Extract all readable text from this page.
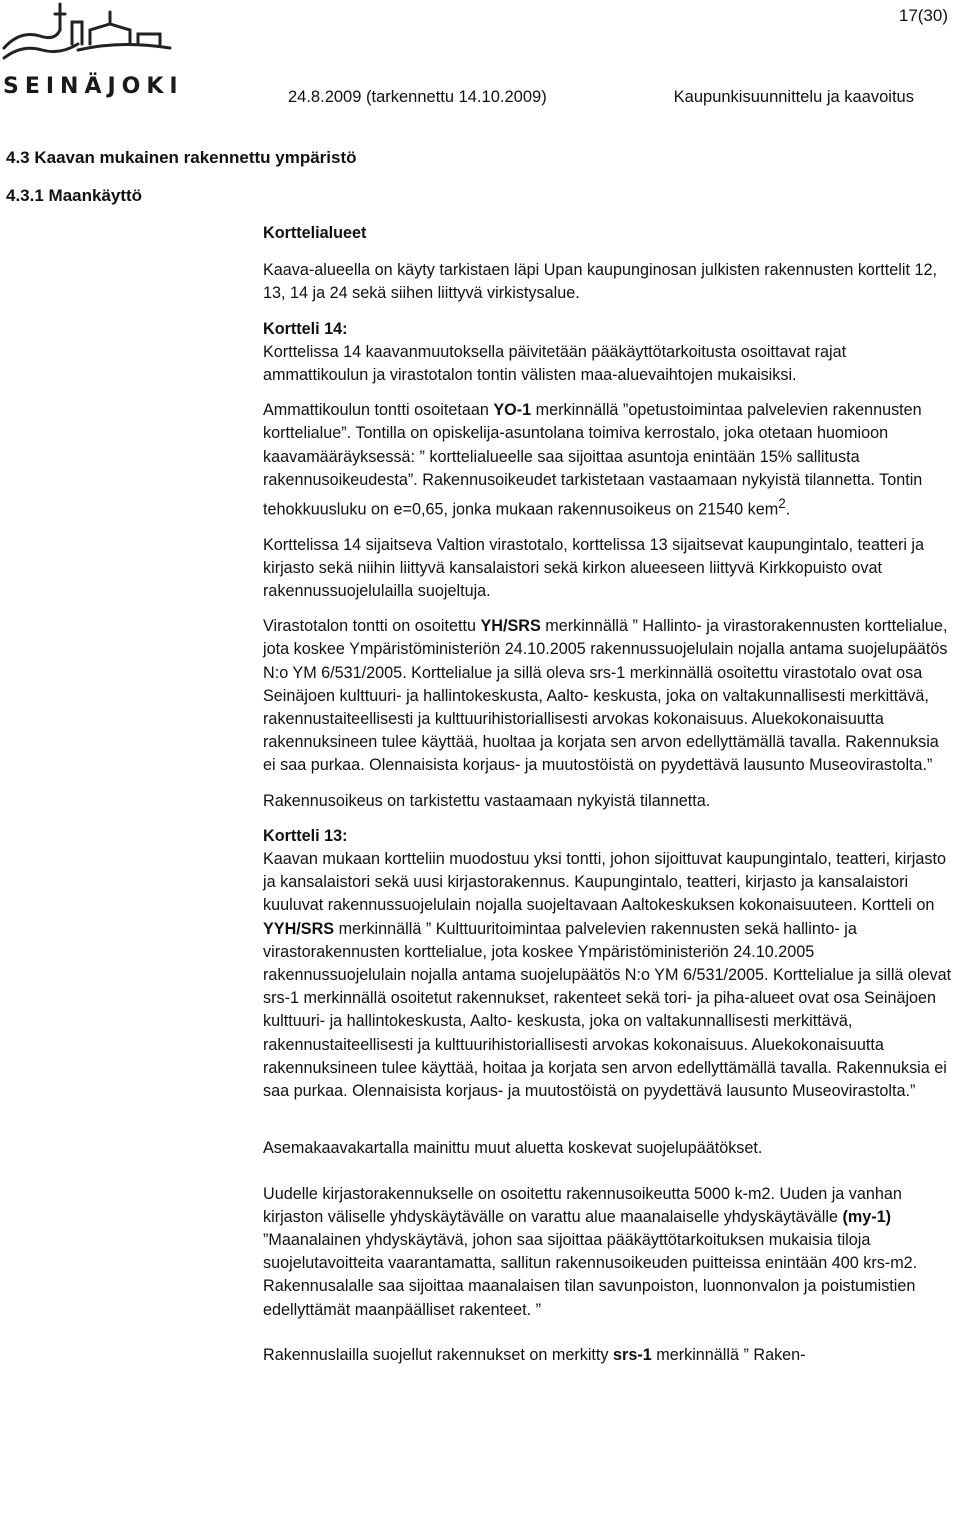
17(30)
SEINÄJOKI	24.8.2009 (tarkennettu 14.10.2009)	Kaupunkisuunnittelu ja kaavoitus
4.3 Kaavan mukainen rakennettu ympäristö
4.3.1 Maankäyttö

Korttelialueet

Kaava-alueella on käyty tarkistaen läpi Upan kaupunginosan julkisten rakennusten korttelit 12, 13, 14 ja 24 sekä siihen liittyvä virkistysalue.

Kortteli 14:

Korttelissa 14 kaavanmuutoksella päivitetään pääkäyttötarkoitusta osoittavat rajat ammattikoulun ja virastotalon tontin välisten maa-aluevaihtojen mukaisiksi.

Ammattikoulun tontti osoitetaan YO-1 merkinnällä ”opetustoimintaa palvelevien rakennusten korttelialue”. Tontilla on opiskelija-asuntolana toimiva kerrostalo, joka otetaan huomioon kaavamääräyksessä: ” korttelialueelle saa sijoittaa asuntoja enintään 15% sallitusta rakennusoikeudesta”. Rakennusoikeudet tarkistetaan vastaamaan nykyistä tilannetta. Tontin tehokkuusluku on e=0,65, jonka mukaan rakennusoikeus on 21540 kem$^2$.

Korttelissa 14 sijaitseva Valtion virastotalo, korttelissa 13 sijaitsevat kaupungintalo, teatteri ja kirjasto sekä niihin liittyvä kansalaistori sekä kirkon alueeseen liittyvä Kirkkopuisto ovat rakennussuojelulailla suojeltuja.

Virastotalon tontti on osoitettu YH/SRS merkinnällä ” Hallinto- ja virastorakennusten korttelialue, jota koskee Ympäristöministeriön 24.10.2005 rakennussuojelulain nojalla antama suojelupäätös N:o YM 6/531/2005. Korttelialue ja sillä oleva srs-1 merkinnällä osoitettu virastotalo ovat osa Seinäjoen kulttuuri- ja hallintokeskusta, Aalto- keskusta, joka on valtakunnallisesti merkittävä, rakennustaiteellisesti ja kulttuurihistoriallisesti arvokas kokonaisuus. Aluekokonaisuutta rakennuksineen tulee käyttää, huoltaa ja korjata sen arvon edellyttämällä tavalla. Rakennuksia ei saa purkaa. Olennaisista korjaus- ja muutostöistä on pyydettävä lausunto Museovirastolta.”

Rakennusoikeus on tarkistettu vastaamaan nykyistä tilannetta.

Kortteli 13:

Kaavan mukaan kortteliin muodostuu yksi tontti, johon sijoittuvat kaupungintalo, teatteri, kirjasto ja kansalaistori sekä uusi kirjastorakennus. Kaupungintalo, teatteri, kirjasto ja kansalaistori kuuluvat rakennussuojelulain nojalla suojeltavaan Aaltokeskuksen kokonaisuuteen. Kortteli on YYH/SRS merkinnällä ” Kulttuuritoimintaa palvelevien rakennusten sekä hallinto- ja virastorakennusten korttelialue, jota koskee Ympäristöministeriön 24.10.2005 rakennussuojelulain nojalla antama suojelupäätös N:o YM 6/531/2005. Korttelialue ja sillä olevat srs-1 merkinnällä osoitetut rakennukset, rakenteet sekä tori- ja piha-alueet ovat osa Seinäjoen kulttuuri- ja hallintokeskusta, Aalto- keskusta, joka on valtakunnallisesti merkittävä, rakennustaiteellisesti ja kulttuurihistoriallisesti arvokas kokonaisuus. Aluekokonaisuutta rakennuksineen tulee käyttää, hoitaa ja korjata sen arvon edellyttämällä tavalla. Rakennuksia ei saa purkaa. Olennaisista korjaus- ja muutostöistä on pyydettävä lausunto Museovirastolta.”

Asemakaavakartalla mainittu muut aluetta koskevat suojelupäätökset.

Uudelle kirjastorakennukselle on osoitettu rakennusoikeutta 5000 k-m2. Uuden ja vanhan kirjaston väliselle yhdyskäytävälle on varattu alue maanalaiselle yhdyskäytävälle (my-1) ”Maanalainen yhdyskäytävä, johon saa sijoittaa pääkäyttötarkoituksen mukaisia tiloja suojelutavoitteita vaarantamatta, sallitun rakennusoikeuden puitteissa enintään 400 krs-m2. Rakennusalalle saa sijoittaa maanalaisen tilan savunpoiston, luonnonvalon ja poistumistien edellyttämät maanpäälliset rakenteet. ”

Rakennuslailla suojellut rakennukset on merkitty srs-1 merkinnällä ” Raken-
